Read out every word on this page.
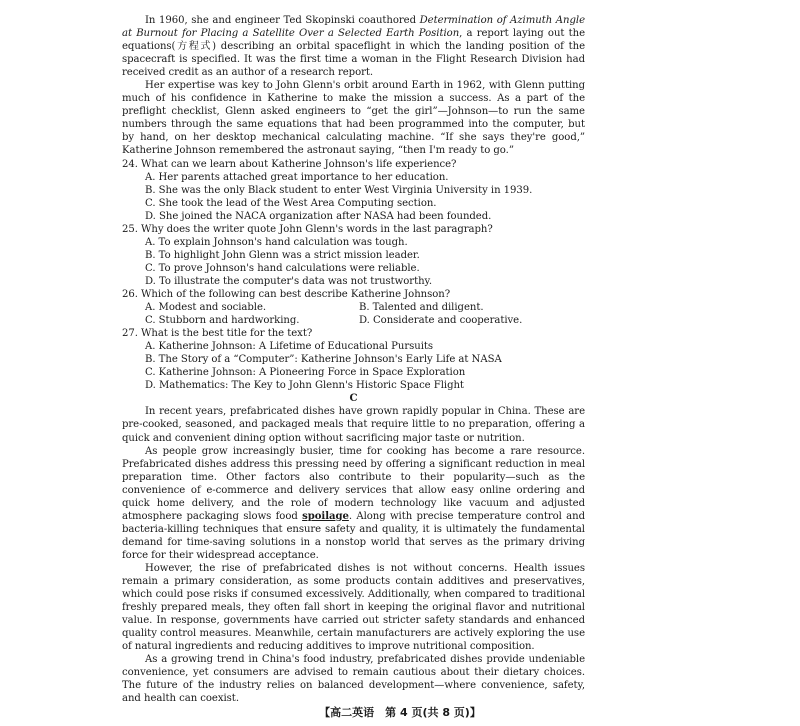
In 1960, she and engineer Ted Skopinski coauthored Determination of Azimuth Angle at Burnout for Placing a Satellite Over a Selected Earth Position, a report laying out the equations(方程式) describing an orbital spaceflight in which the landing position of the spacecraft is specified. It was the first time a woman in the Flight Research Division had received credit as an author of a research report.

Her expertise was key to John Glenn's orbit around Earth in 1962, with Glenn putting much of his confidence in Katherine to make the mission a success. As a part of the preflight checklist, Glenn asked engineers to “get the girl”—Johnson—to run the same numbers through the same equations that had been programmed into the computer, but by hand, on her desktop mechanical calculating machine. “If she says they're good,” Katherine Johnson remembered the astronaut saying, “then I'm ready to go.”

24. What can we learn about Katherine Johnson's life experience?

A. Her parents attached great importance to her education.

B. She was the only Black student to enter West Virginia University in 1939.

C. She took the lead of the West Area Computing section.

D. She joined the NACA organization after NASA had been founded.

25. Why does the writer quote John Glenn's words in the last paragraph?

A. To explain Johnson's hand calculation was tough.

B. To highlight John Glenn was a strict mission leader.

C. To prove Johnson's hand calculations were reliable.

D. To illustrate the computer's data was not trustworthy.

26. Which of the following can best describe Katherine Johnson?

A. Modest and sociable.	B. Talented and diligent.
C. Stubborn and hardworking.	D. Considerate and cooperative.

27. What is the best title for the text?

A. Katherine Johnson: A Lifetime of Educational Pursuits

B. The Story of a “Computer”: Katherine Johnson's Early Life at NASA

C. Katherine Johnson: A Pioneering Force in Space Exploration

D. Mathematics: The Key to John Glenn's Historic Space Flight

C

In recent years, prefabricated dishes have grown rapidly popular in China. These are pre-cooked, seasoned, and packaged meals that require little to no preparation, offering a quick and convenient dining option without sacrificing major taste or nutrition.

As people grow increasingly busier, time for cooking has become a rare resource. Prefabricated dishes address this pressing need by offering a significant reduction in meal preparation time. Other factors also contribute to their popularity—such as the convenience of e-commerce and delivery services that allow easy online ordering and quick home delivery, and the role of modern technology like vacuum and adjusted atmosphere packaging slows food spoilage. Along with precise temperature control and bacteria-killing techniques that ensure safety and quality, it is ultimately the fundamental demand for time-saving solutions in a nonstop world that serves as the primary driving force for their widespread acceptance.

However, the rise of prefabricated dishes is not without concerns. Health issues remain a primary consideration, as some products contain additives and preservatives, which could pose risks if consumed excessively. Additionally, when compared to traditional freshly prepared meals, they often fall short in keeping the original flavor and nutritional value. In response, governments have carried out stricter safety standards and enhanced quality control measures. Meanwhile, certain manufacturers are actively exploring the use of natural ingredients and reducing additives to improve nutritional composition.

As a growing trend in China's food industry, prefabricated dishes provide undeniable convenience, yet consumers are advised to remain cautious about their dietary choices. The future of the industry relies on balanced development—where convenience, safety, and health can coexist.

【高二英语　第 4 页(共 8 页)】
